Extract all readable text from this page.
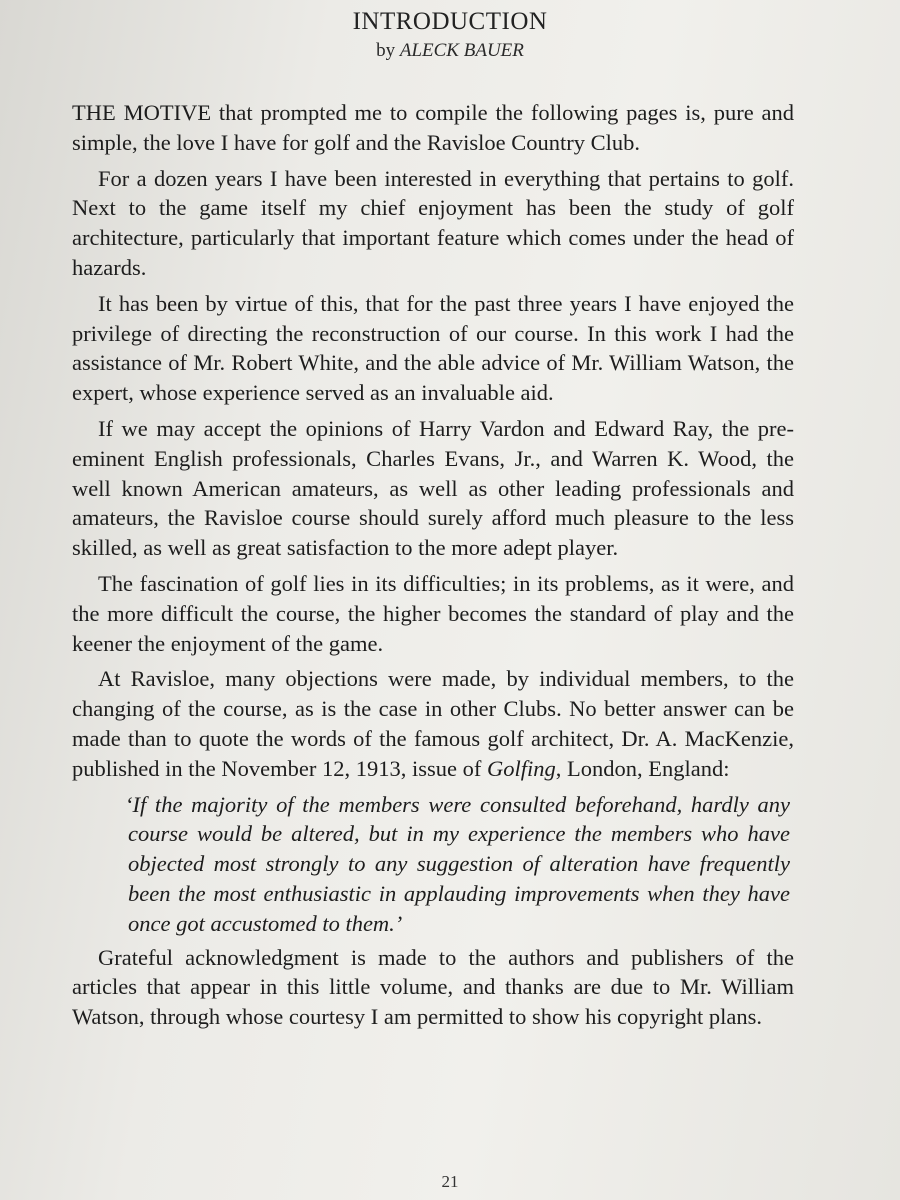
INTRODUCTION
by ALECK BAUER

THE MOTIVE that prompted me to compile the following pages is, pure and simple, the love I have for golf and the Ravisloe Country Club.

For a dozen years I have been interested in everything that pertains to golf. Next to the game itself my chief enjoyment has been the study of golf architecture, particularly that important feature which comes under the head of hazards.

It has been by virtue of this, that for the past three years I have enjoyed the privilege of directing the reconstruction of our course. In this work I had the assistance of Mr. Robert White, and the able advice of Mr. William Watson, the expert, whose experience served as an invaluable aid.

If we may accept the opinions of Harry Vardon and Edward Ray, the pre-eminent English professionals, Charles Evans, Jr., and Warren K. Wood, the well known American amateurs, as well as other leading professionals and amateurs, the Ravisloe course should surely afford much pleasure to the less skilled, as well as great satisfaction to the more adept player.

The fascination of golf lies in its difficulties; in its problems, as it were, and the more difficult the course, the higher becomes the standard of play and the keener the enjoyment of the game.

At Ravisloe, many objections were made, by individual members, to the changing of the course, as is the case in other Clubs. No better answer can be made than to quote the words of the famous golf architect, Dr. A. MacKenzie, published in the November 12, 1913, issue of Golfing, London, England:

‘If the majority of the members were consulted beforehand, hardly any course would be altered, but in my experience the members who have objected most strongly to any suggestion of alteration have frequently been the most enthusiastic in applauding improvements when they have once got accustomed to them.’

Grateful acknowledgment is made to the authors and publishers of the articles that appear in this little volume, and thanks are due to Mr. William Watson, through whose courtesy I am permitted to show his copyright plans.

21
